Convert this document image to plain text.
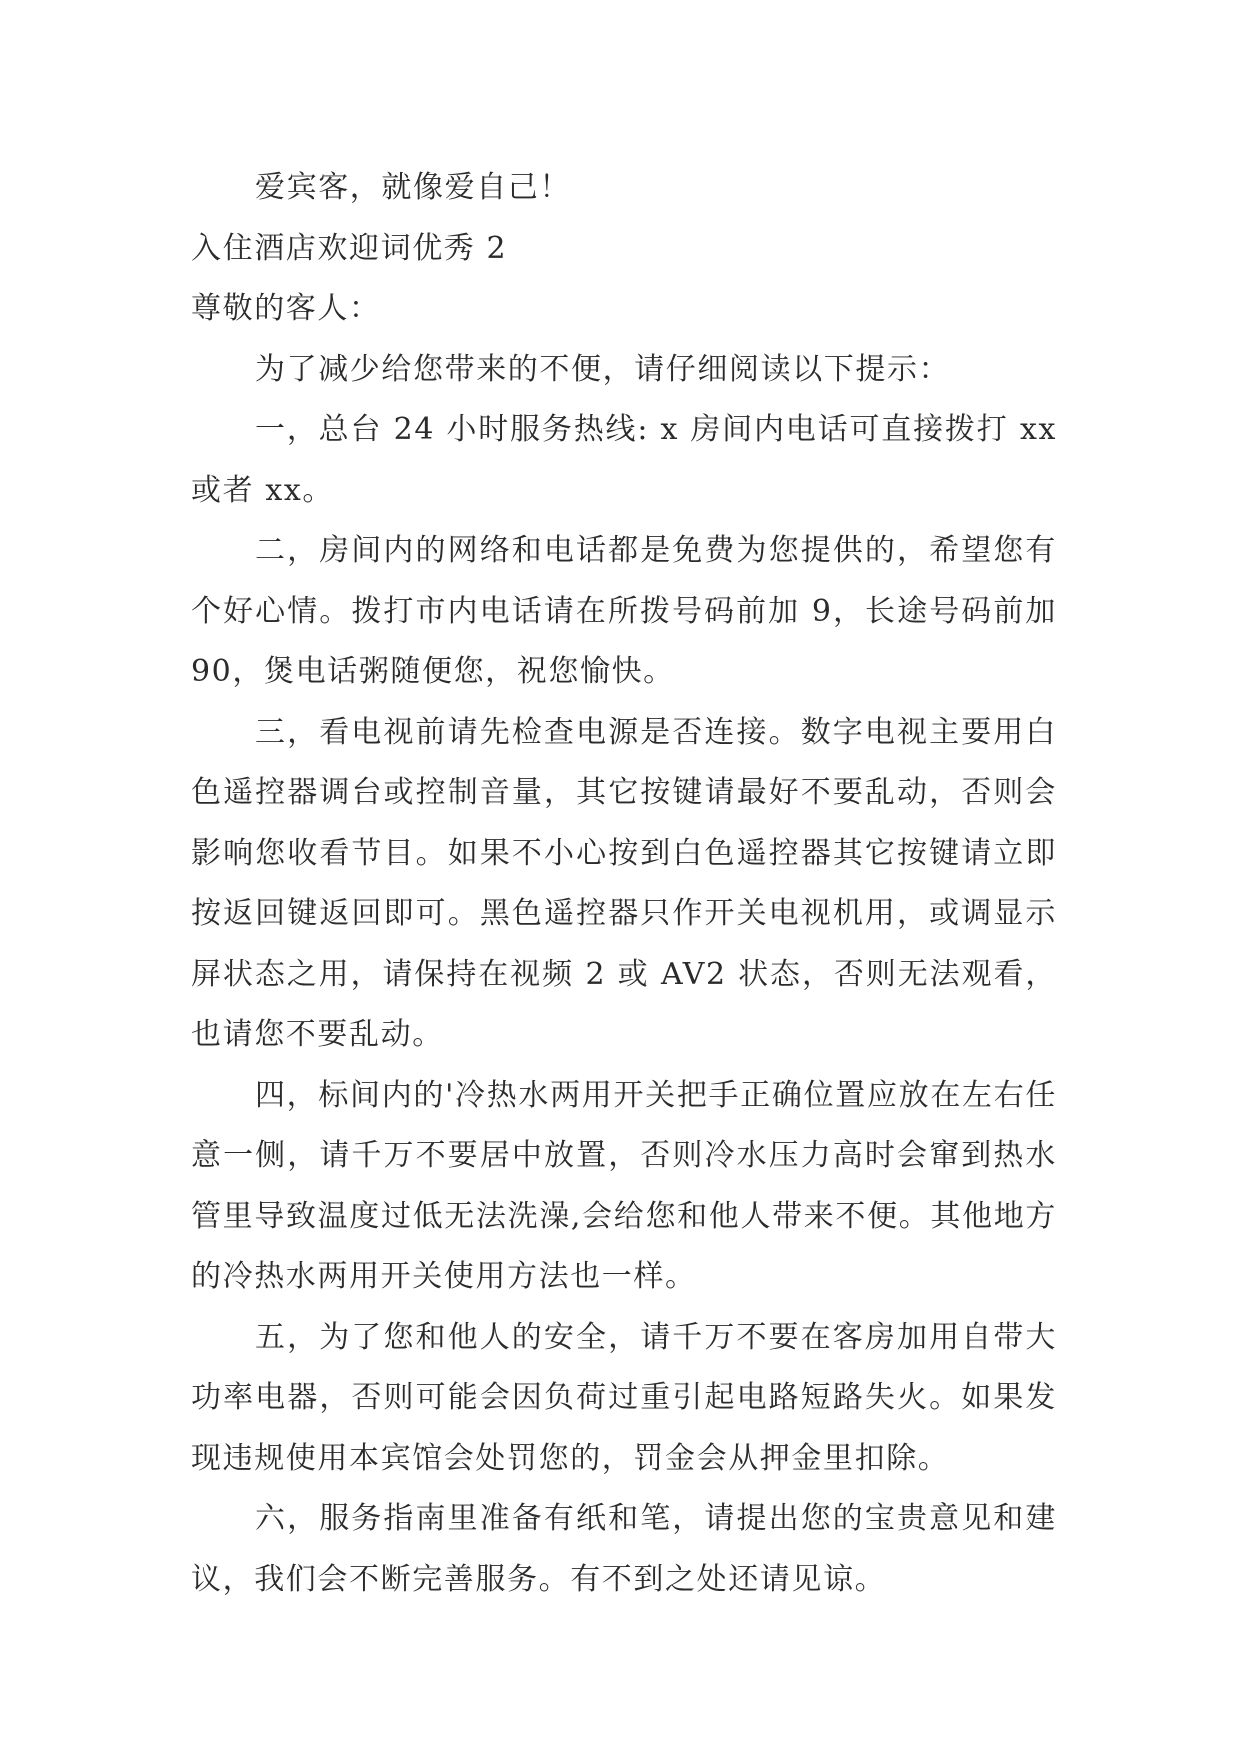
爱宾客，就像爱自己！

入住酒店欢迎词优秀 2

尊敬的客人：

为了减少给您带来的不便，请仔细阅读以下提示：

一，总台 24 小时服务热线: x 房间内电话可直接拨打 xx 或者 xx。

二，房间内的网络和电话都是免费为您提供的，希望您有个好心情。拨打市内电话请在所拨号码前加 9，长途号码前加 90，煲电话粥随便您，祝您愉快。

三，看电视前请先检查电源是否连接。数字电视主要用白色遥控器调台或控制音量，其它按键请最好不要乱动，否则会影响您收看节目。如果不小心按到白色遥控器其它按键请立即按返回键返回即可。黑色遥控器只作开关电视机用，或调显示屏状态之用，请保持在视频 2 或 AV2 状态，否则无法观看，也请您不要乱动。

四，标间内的'冷热水两用开关把手正确位置应放在左右任意一侧，请千万不要居中放置，否则冷水压力高时会窜到热水管里导致温度过低无法洗澡,会给您和他人带来不便。其他地方的冷热水两用开关使用方法也一样。

五，为了您和他人的安全，请千万不要在客房加用自带大功率电器，否则可能会因负荷过重引起电路短路失火。如果发现违规使用本宾馆会处罚您的，罚金会从押金里扣除。

六，服务指南里准备有纸和笔，请提出您的宝贵意见和建议，我们会不断完善服务。有不到之处还请见谅。
